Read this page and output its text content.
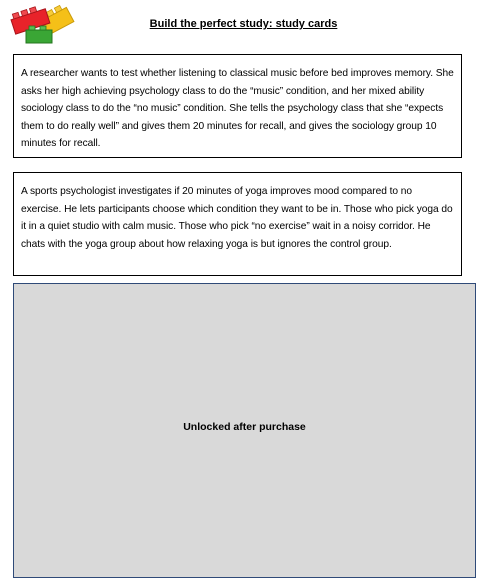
Build the perfect study: study cards
A researcher wants to test whether listening to classical music before bed improves memory. She asks her high achieving psychology class to do the “music” condition, and her mixed ability sociology class to do the “no music” condition. She tells the psychology class that she “expects them to do really well” and gives them 20 minutes for recall, and gives the sociology group 10 minutes for recall.
A sports psychologist investigates if 20 minutes of yoga improves mood compared to no exercise. He lets participants choose which condition they want to be in. Those who pick yoga do it in a quiet studio with calm music. Those who pick “no exercise” wait in a noisy corridor. He chats with the yoga group about how relaxing yoga is but ignores the control group.
Unlocked after purchase
